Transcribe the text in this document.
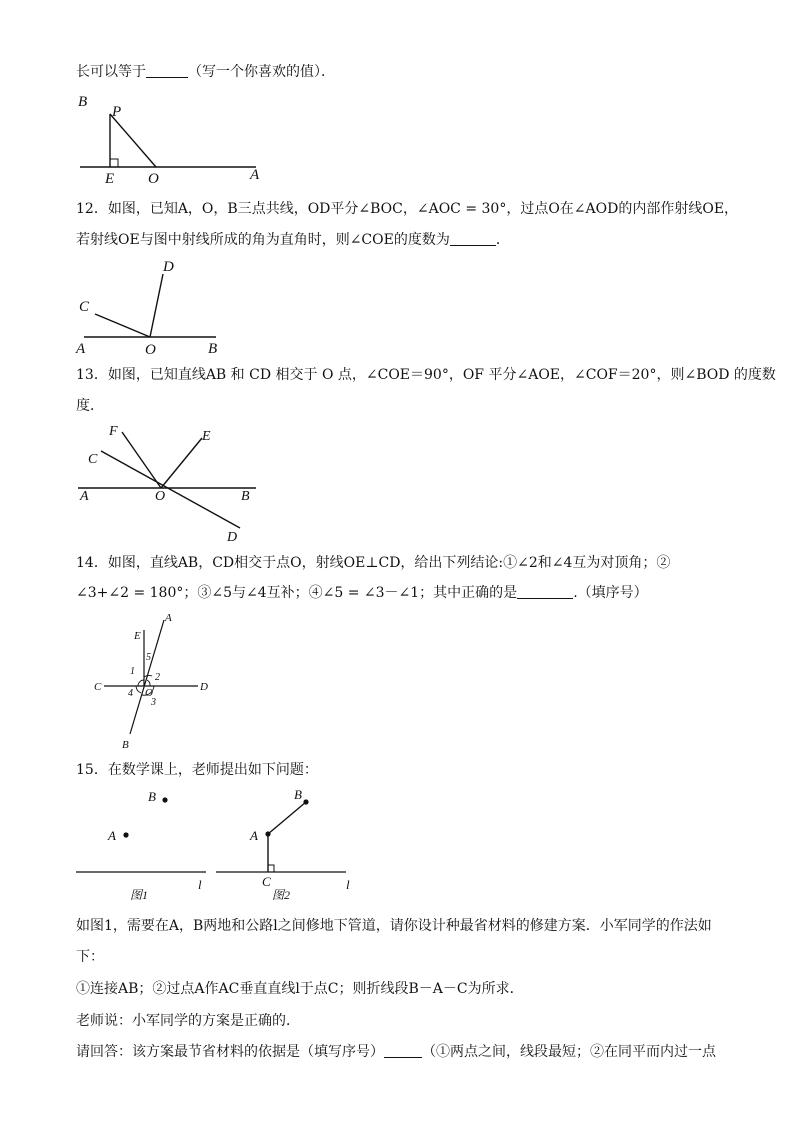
长可以等于	（写一个你喜欢的值）．
B
P
E O	A
12．如图，已知A，O，B三点共线，OD平分∠BOC，∠AOC = 30°，过点O在∠AOD的内部作射线OE，
若射线OE与图中射线所成的角为直角时，则∠COE的度数为	．
D
C
A	O	B
13．如图，已知直线AB 和 CD 相交于 O 点，∠COE＝90°，OF 平分∠AOE，∠COF＝20°，则∠BOD 的度数
度．
F	E
C
A	O	B
D
14．如图，直线AB，CD相交于点O，射线OE⊥CD，给出下列结论:①∠2和∠4互为对顶角；②
∠3+∠2 = 180°；③∠5与∠4互补；④∠5 = ∠3－∠1；其中正确的是	.（填序号）
E
A
C	D
B
O
1
2
3
4
5
15．在数学课上，老师提出如下问题：
B
A
l
图1
B
A
C	l
图2
如图1，需要在A，B两地和公路l之间修地下管道，请你设计种最省材料的修建方案．小军同学的作法如
下：
①连接AB；②过点A作AC垂直直线l于点C；则折线段B－A－C为所求．
老师说：小军同学的方案是正确的．
请回答：该方案最节省材料的依据是（填写序号）	（①两点之间，线段最短；②在同平而内过一点
